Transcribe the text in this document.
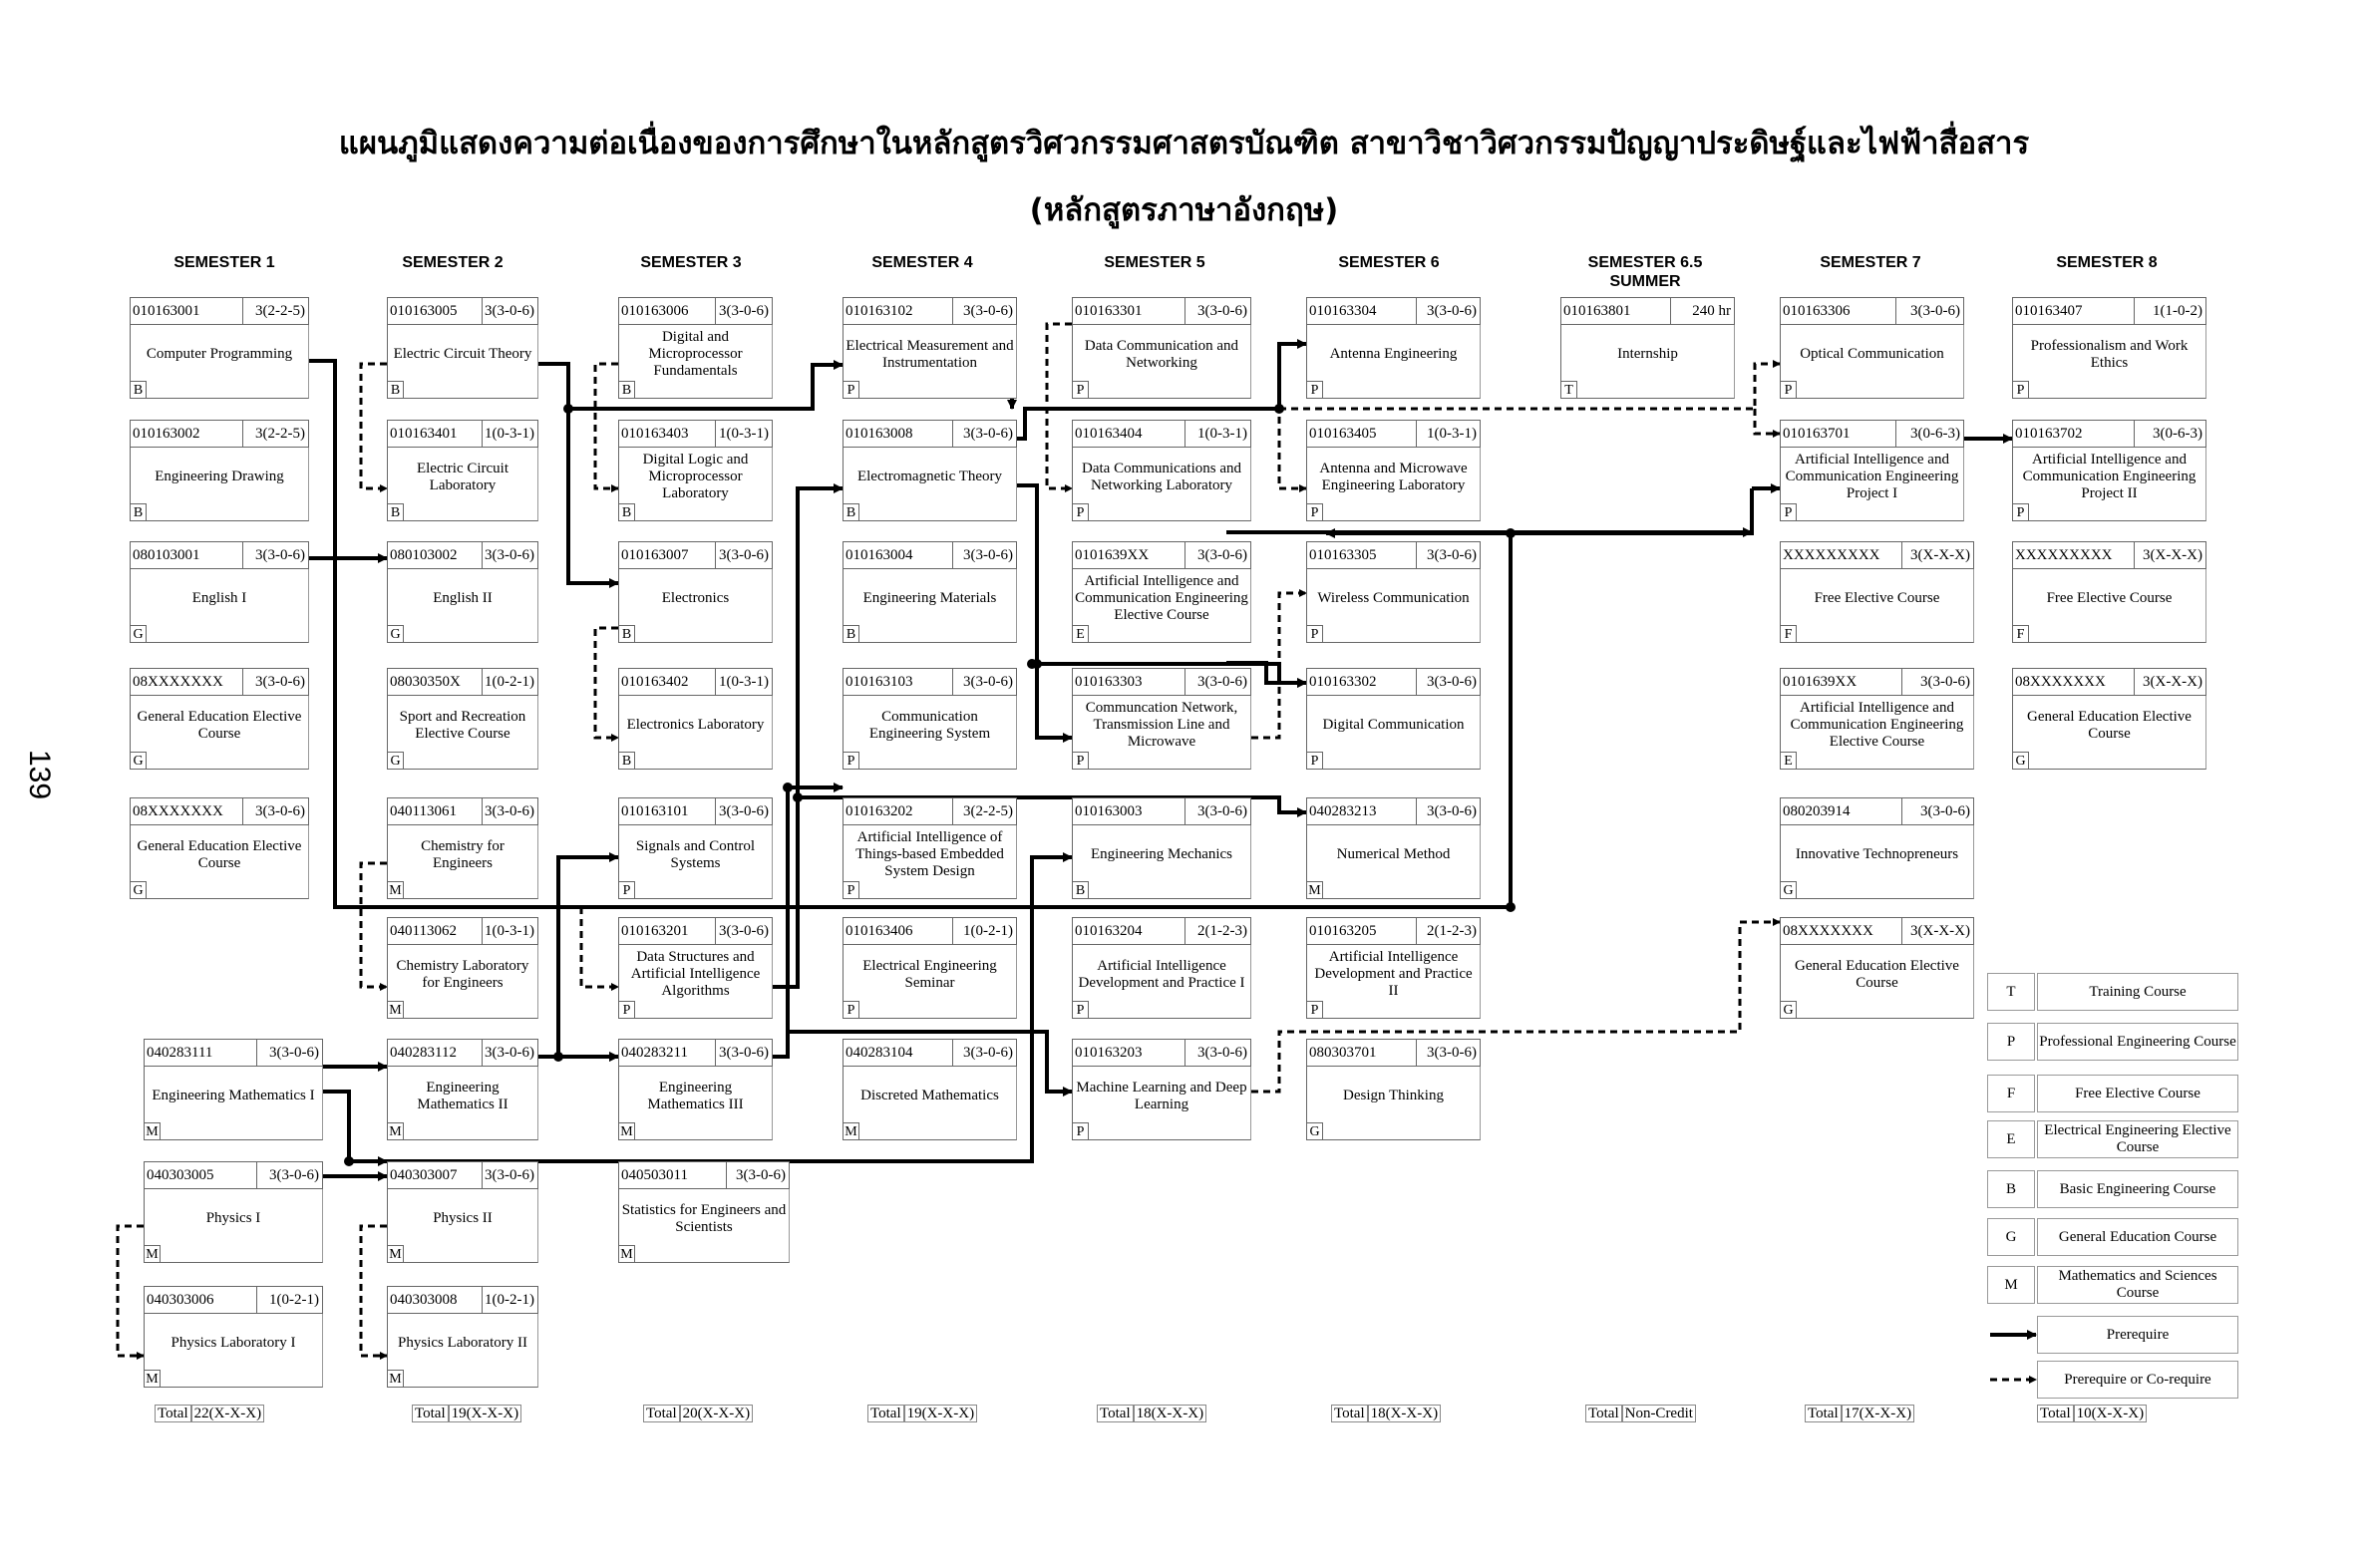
139
แผนภูมิแสดงความต่อเนื่องของการศึกษาในหลักสูตรวิศวกรรมศาสตรบัณฑิต สาขาวิชาวิศวกรรมปัญญาประดิษฐ์และไฟฟ้าสื่อสาร
(หลักสูตรภาษาอังกฤษ)
SEMESTER 1	SEMESTER 2	SEMESTER 3	SEMESTER 4	SEMESTER 5	SEMESTER 6	SEMESTER 6.5 SUMMER
SEMESTER 7	SEMESTER 8
010163001	3(2-2-5)
Computer Programming
B
010163002	3(2-2-5)
Engineering Drawing
B
080103001	3(3-0-6)
English I
G
08XXXXXXX 3(3-0-6)
General Education Elective Course
G
08XXXXXXX 3(3-0-6)
General Education Elective Course
G
040283111	3(3-0-6)
Engineering Mathematics I
M
040303005	3(3-0-6)
Physics I
M
040303006	1(0-2-1)
Physics Laboratory I
M
010163005 3(3-0-6)
Electric Circuit Theory
B
010163401 1(0-3-1)
Electric Circuit Laboratory
B
080103002 3(3-0-6)
English II
G
08030350X 1(0-2-1)
Sport and Recreation Elective Course
G
040113061 3(3-0-6)
Chemistry for Engineers
M
040113062 1(0-3-1)
Chemistry Laboratory for Engineers
M
040283112 3(3-0-6)
Engineering Mathematics II
M
040303007 3(3-0-6)
Physics II
M
040303008 1(0-2-1)
Physics Laboratory II
M
010163006 3(3-0-6)
Digital and Microprocessor Fundamentals
B
010163403 1(0-3-1)
Digital Logic and Microprocessor Laboratory
B
010163007 3(3-0-6)
Electronics
B
010163402 1(0-3-1)
Electronics Laboratory
B
010163101 3(3-0-6)
Signals and Control Systems
P
010163201 3(3-0-6)
Data Structures and Artificial Intelligence Algorithms
P
040283211 3(3-0-6)
Engineering Mathematics III
M
040503011	3(3-0-6)
Statistics for Engineers and Scientists
M
010163102	3(3-0-6)
Electrical Measurement and Instrumentation
P
010163008	3(3-0-6)
Electromagnetic Theory
B
010163004	3(3-0-6)
Engineering Materials
B
010163103	3(3-0-6)
Communication Engineering System
P
010163202	3(2-2-5)
Artificial Intelligence of Things-based Embedded System Design
P
010163406	1(0-2-1)
Electrical Engineering Seminar
P
040283104	3(3-0-6)
Discreted Mathematics
M
010163301	3(3-0-6)
Data Communication and Networking
P
010163404	1(0-3-1)
Data Communications and Networking Laboratory
P
0101639XX	3(3-0-6)
Artificial Intelligence and Communication Engineering Elective Course
E
010163303	3(3-0-6)
Communcation Network, Transmission Line and Microwave
P
010163003	3(3-0-6)
Engineering Mechanics
B
010163204	2(1-2-3)
Artificial Intelligence Development and Practice I
P
010163203	3(3-0-6)
Machine Learning and Deep Learning
P
010163304	3(3-0-6)
Antenna Engineering
P
010163405	1(0-3-1)
Antenna and Microwave Engineering Laboratory
P
010163305	3(3-0-6)
Wireless Communication
P
010163302	3(3-0-6)
Digital Communication
P
040283213	3(3-0-6)
Numerical Method
M
010163205	2(1-2-3)
Artificial Intelligence Development and Practice II
P
080303701	3(3-0-6)
Design Thinking
G
010163801	240 hr
Internship
T
010163306	3(3-0-6)
Optical Communication
P
010163701	3(0-6-3)
Artificial Intelligence and Communication Engineering Project I
P
XXXXXXXXX 3(X-X-X)
Free Elective Course
F
0101639XX	3(3-0-6)
Artificial Intelligence and Communication Engineering Elective Course
E
080203914	3(3-0-6)
Innovative Technopreneurs
G
08XXXXXXX 3(X-X-X)
General Education Elective Course
G
010163407	1(1-0-2)
Professionalism and Work Ethics
P
010163702	3(0-6-3)
Artificial Intelligence and Communication Engineering Project II
P
XXXXXXXXX 3(X-X-X)
Free Elective Course
F
08XXXXXXX 3(X-X-X)
General Education Elective Course
G
Total 22(X-X-X)	Total 19(X-X-X)	Total 20(X-X-X)	Total 19(X-X-X)	Total 18(X-X-X)	Total 18(X-X-X)	Total Non-Credit	Total 17(X-X-X)	Total 10(X-X-X)
T	Training Course
P	Professional Engineering Course
F	Free Elective Course
E
Electrical Engineering Elective Course
B	Basic Engineering Course
G	General Education Course
M
Mathematics and Sciences Course
Prerequire
Prerequire or Co-require
